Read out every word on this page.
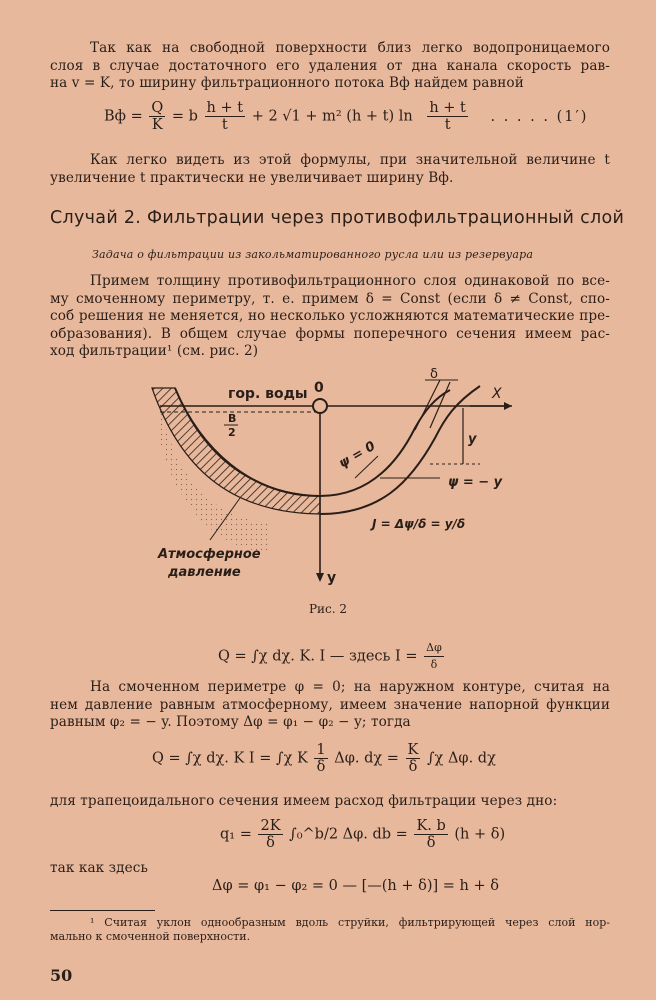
Так как на свободной поверхности близ легко водопроницаемого
слоя в случае достаточного его удаления от дна канала скорость рав-
на v = K, то ширину фильтрационного потока Bф найдем равной
Bф = $\frac{Q}{K} = b \frac{h + t}{t} + 2$ √1 + m² (h + t) $\ln \frac{h + t}{t}$ . . . . . (1′)
Как легко видеть из этой формулы, при значительной величине t
увеличение t практически не увеличивает ширину Bф.
Случай 2. Фильтрации через противофильтрационный слой
Задача о фильтрации из закольматированного русла или из резервуара
Примем толщину противофильтрационного слоя одинаковой по все-
му смоченному периметру, т. е. примем δ = Const (если δ ≠ Const, спо-
соб решения не меняется, но несколько усложняются математические пре-
образования). В общем случае формы поперечного сечения имеем рас-
ход фильтрации¹ (см. рис. 2)
гор. воды 0	X
δ
B
2
ψ = 0	y
ψ = − y
J = Δψ/δ = y/δ
Атмосферное
давление	y
Рис. 2
Q = ∫χ dχ. K. I — здесь $I = \frac{\Delta\varphi}{\delta}$
На смоченном периметре φ = 0; на наружном контуре, считая на
нем давление равным атмосферному, имеем значение напорной функции
равным φ₂ = − y. Поэтому Δφ = φ₁ − φ₂ − y; тогда
Q = ∫χ dχ. K I = ∫χ K $\frac{1}{\delta} \Delta\varphi$. $d\chi = \frac{K}{\delta} \int\chi$ Δφ. dχ
для трапецоидального сечения имеем расход фильтрации через дно:
$q_1 = \frac{2K}{\delta}$ ∫₀^b/2 Δφ. db = $\frac{K. b}{\delta} (h + \delta)$
так как здесь
Δφ = φ₁ − φ₂ = 0 — [—(h + δ)] = h + δ
¹ Считая уклон однообразным вдоль струйки, фильтрирующей через слой нор-
мально к смоченной поверхности.
50
